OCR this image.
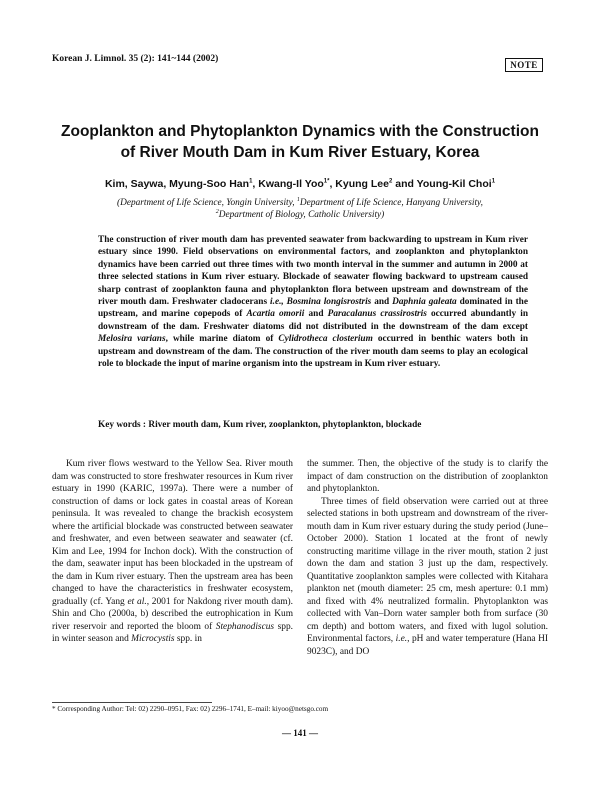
Korean J. Limnol. 35 (2): 141~144 (2002)
NOTE
Zooplankton and Phytoplankton Dynamics with the Construction
of River Mouth Dam in Kum River Estuary, Korea
Kim, Saywa, Myung-Soo Han$^1$, Kwang-Il Yoo$^{1*}$, Kyung Lee$^2$ and Young-Kil Choi$^1$
(Department of Life Science, Yongin University, $^1$Department of Life Science, Hanyang University,
$^2$Department of Biology, Catholic University)
The construction of river mouth dam has prevented seawater from backwarding to upstream in Kum river estuary since 1990. Field observations on environmental factors, and zooplankton and phytoplankton dynamics have been carried out three times with two month interval in the summer and autumn in 2000 at three selected stations in Kum river estuary. Blockade of seawater flowing backward to upstream caused sharp contrast of zooplankton fauna and phytoplankton flora between upstream and downstream of the river mouth dam. Freshwater cladocerans i.e., Bosmina longisrostris and Daphnia galeata dominated in the upstream, and marine copepods of Acartia omorii and Paracalanus crassirostris occurred abundantly in downstream of the dam. Freshwater diatoms did not distributed in the downstream of the dam except Melosira varians, while marine diatom of Cylidrotheca closterium occurred in benthic waters both in upstream and downstream of the dam. The construction of the river mouth dam seems to play an ecological role to blockade the input of marine organism into the upstream in Kum river estuary.
Key words : River mouth dam, Kum river, zooplankton, phytoplankton, blockade

Kum river flows westward to the Yellow Sea. River mouth dam was constructed to store freshwater resources in Kum river estuary in 1990 (KARIC, 1997a). There were a number of construction of dams or lock gates in coastal areas of Korean peninsula. It was revealed to change the brackish ecosystem where the artificial blockade was constructed between seawater and freshwater, and even between seawater and seawater (cf. Kim and Lee, 1994 for Inchon dock). With the construction of the dam, seawater input has been blockaded in the upstream of the dam in Kum river estuary. Then the upstream area has been changed to have the characteristics in freshwater ecosystem, gradually (cf. Yang et al., 2001 for Nakdong river mouth dam). Shin and Cho (2000a, b) described the eutrophication in Kum river reservoir and reported the bloom of Stephanodiscus spp. in winter season and Microcystis spp. in

the summer. Then, the objective of the study is to clarify the impact of dam construction on the distribution of zooplankton and phytoplankton.

Three times of field observation were carried out at three selected stations in both upstream and downstream of the river-mouth dam in Kum river estuary during the study period (June–October 2000). Station 1 located at the front of newly constructing maritime village in the river mouth, station 2 just down the dam and station 3 just up the dam, respectively. Quantitative zooplankton samples were collected with Kitahara plankton net (mouth diameter: 25 cm, mesh aperture: 0.1 mm) and fixed with 4% neutralized formalin. Phytoplankton was collected with Van–Dorn water sampler both from surface (30 cm depth) and bottom waters, and fixed with lugol solution. Environmental factors, i.e., pH and water temperature (Hana HI 9023C), and DO

* Corresponding Author: Tel: 02) 2290–0951, Fax: 02) 2296–1741, E–mail: kiyoo@netsgo.com
— 141 —
